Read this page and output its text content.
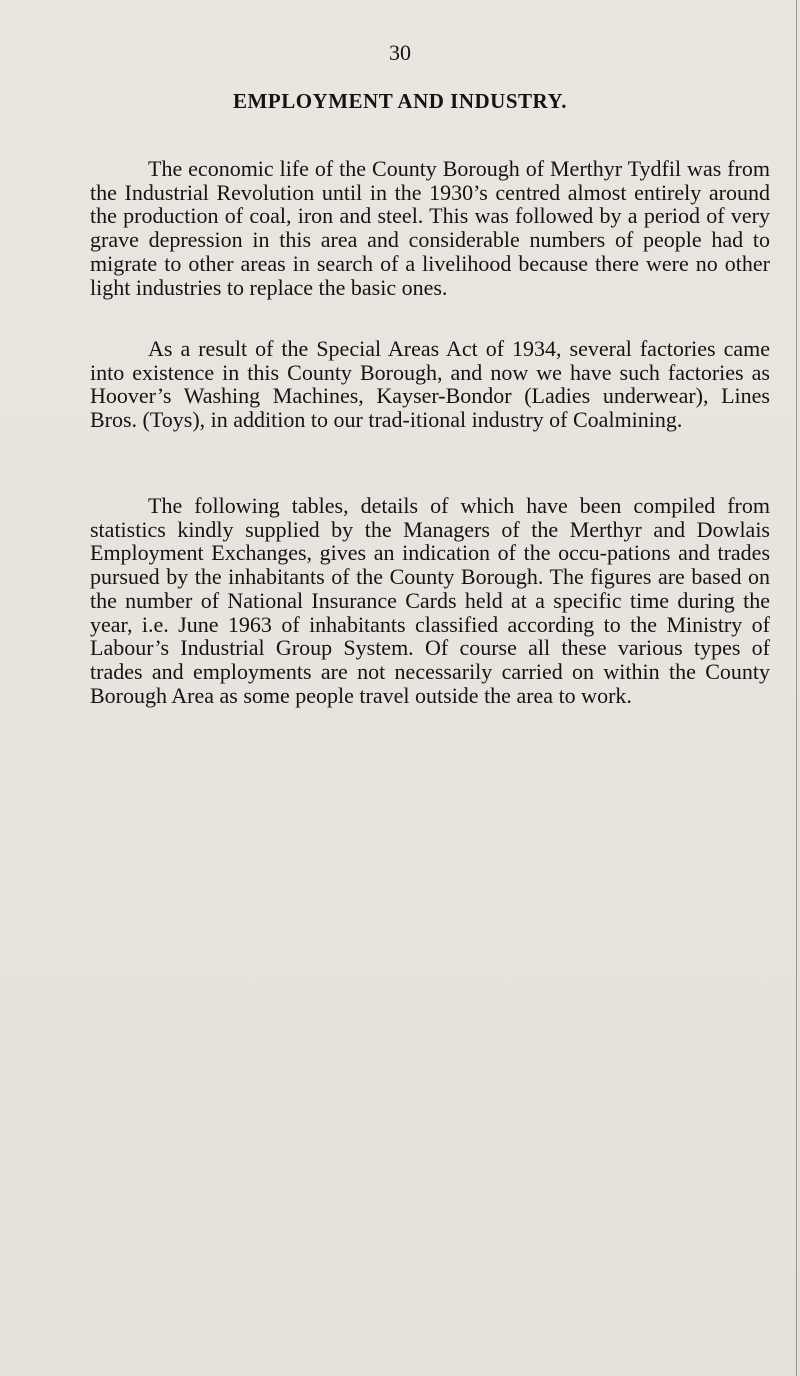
30
EMPLOYMENT AND INDUSTRY.

The economic life of the County Borough of Merthyr Tydfil was from the Industrial Revolution until in the 1930’s centred almost entirely around the production of coal, iron and steel. This was followed by a period of very grave depression in this area and considerable numbers of people had to migrate to other areas in search of a livelihood because there were no other light industries to replace the basic ones.

As a result of the Special Areas Act of 1934, several factories came into existence in this County Borough, and now we have such factories as Hoover’s Washing Machines, Kayser-Bondor (Ladies underwear), Lines Bros. (Toys), in addition to our trad-itional industry of Coalmining.

The following tables, details of which have been compiled from statistics kindly supplied by the Managers of the Merthyr and Dowlais Employment Exchanges, gives an indication of the occu-pations and trades pursued by the inhabitants of the County Borough. The figures are based on the number of National Insurance Cards held at a specific time during the year, i.e. June 1963 of inhabitants classified according to the Ministry of Labour’s Industrial Group System. Of course all these various types of trades and employments are not necessarily carried on within the County Borough Area as some people travel outside the area to work.
